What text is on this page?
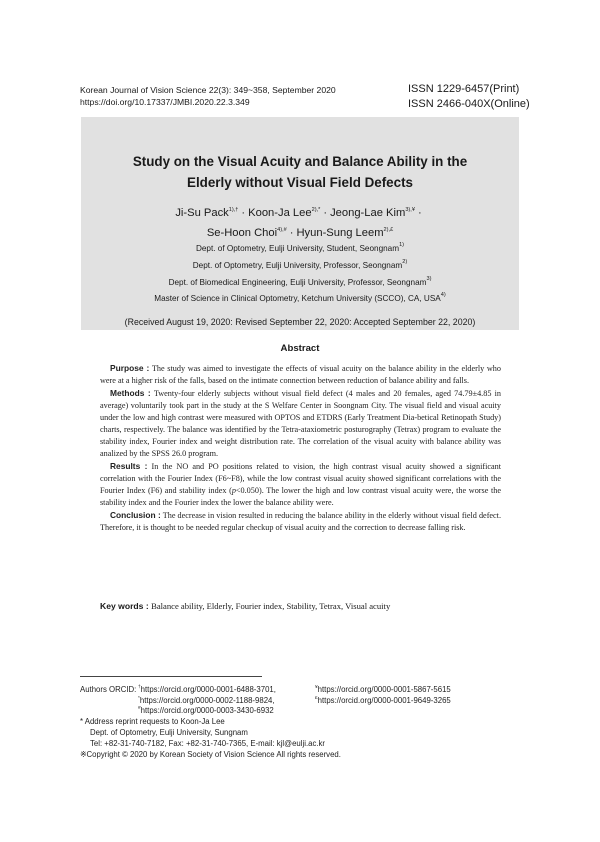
Korean Journal of Vision Science 22(3): 349~358, September 2020
https://doi.org/10.17337/JMBI.2020.22.3.349
ISSN 1229-6457(Print)
ISSN 2466-040X(Online)
Study on the Visual Acuity and Balance Ability in the
Elderly without Visual Field Defects
Ji-Su Pack$^{1),\dagger}$ · Koon-Ja Lee$^{2),*}$ · Jeong-Lae Kim$^{3),¥}$ ·
Se-Hoon Choi$^{4),\#}$ · Hyun-Sung Leem$^{2),£}$
Dept. of Optometry, Eulji University, Student, Seongnam$^{1)}$
Dept. of Optometry, Eulji University, Professor, Seongnam$^{2)}$
Dept. of Biomedical Engineering, Eulji University, Professor, Seongnam$^{3)}$
Master of Science in Clinical Optometry, Ketchum University (SCCO), CA, USA$^{4)}$
(Received August 19, 2020: Revised September 22, 2020: Accepted September 22, 2020)
Abstract

Purpose : The study was aimed to investigate the effects of visual acuity on the balance ability in the elderly who were at a higher risk of the falls, based on the intimate connection between reduction of balance ability and falls.

Methods : Twenty-four elderly subjects without visual field defect (4 males and 20 females, aged 74.79±4.85 in average) voluntarily took part in the study at the S Welfare Center in Soongnam City. The visual field and visual acuity under the low and high contrast were measured with OPTOS and ETDRS (Early Treatment Dia-betical Retinopath Study) charts, respectively. The balance was identified by the Tetra-ataxiometric posturography (Tetrax) program to evaluate the stability index, Fourier index and weight distribution rate. The correlation of the visual acuity with balance ability was analized by the SPSS 26.0 program.

Results : In the NO and PO positions related to vision, the high contrast visual acuity showed a significant correlation with the Fourier Index (F6~F8), while the low contrast visual acuity showed significant correlations with the Fourier Index (F6) and stability index (p<0.050). The lower the high and low contrast visual acuity were, the worse the stability index and the Fourier index the lower the balance ability were.

Conclusion : The decrease in vision resulted in reducing the balance ability in the elderly without visual field defect. Therefore, it is thought to be needed regular checkup of visual acuity and the correction to decrease falling risk.

Key words : Balance ability, Elderly, Fourier index, Stability, Tetrax, Visual acuity
Authors ORCID: †https://orcid.org/0000-0001-6488-3701,
*https://orcid.org/0000-0002-1188-9824,
#https://orcid.org/0000-0003-3430-6932
¥https://orcid.org/0000-0001-5867-5615
£https://orcid.org/0000-0001-9649-3265
* Address reprint requests to Koon-Ja Lee
Dept. of Optometry, Eulji University, Sungnam
Tel: +82-31-740-7182, Fax: +82-31-740-7365, E-mail: kjl@eulji.ac.kr
※Copyright © 2020 by Korean Society of Vision Science All rights reserved.
